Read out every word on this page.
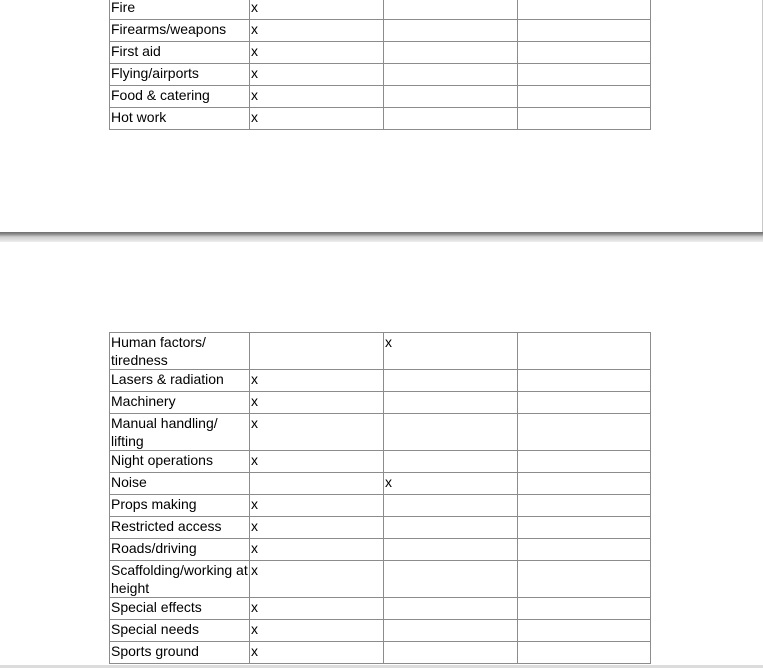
Fire	x		
Firearms/weapons	x		
First aid	x		
Flying/airports	x		
Food & catering	x		
Hot work	x		
Human factors/ tiredness		x	
Lasers & radiation	x		
Machinery	x		
Manual handling/ lifting	x		
Night operations	x		
Noise		x	
Props making	x		
Restricted access	x		
Roads/driving	x		
Scaffolding/working at height	x		
Special effects	x		
Special needs	x		
Sports ground	x		
